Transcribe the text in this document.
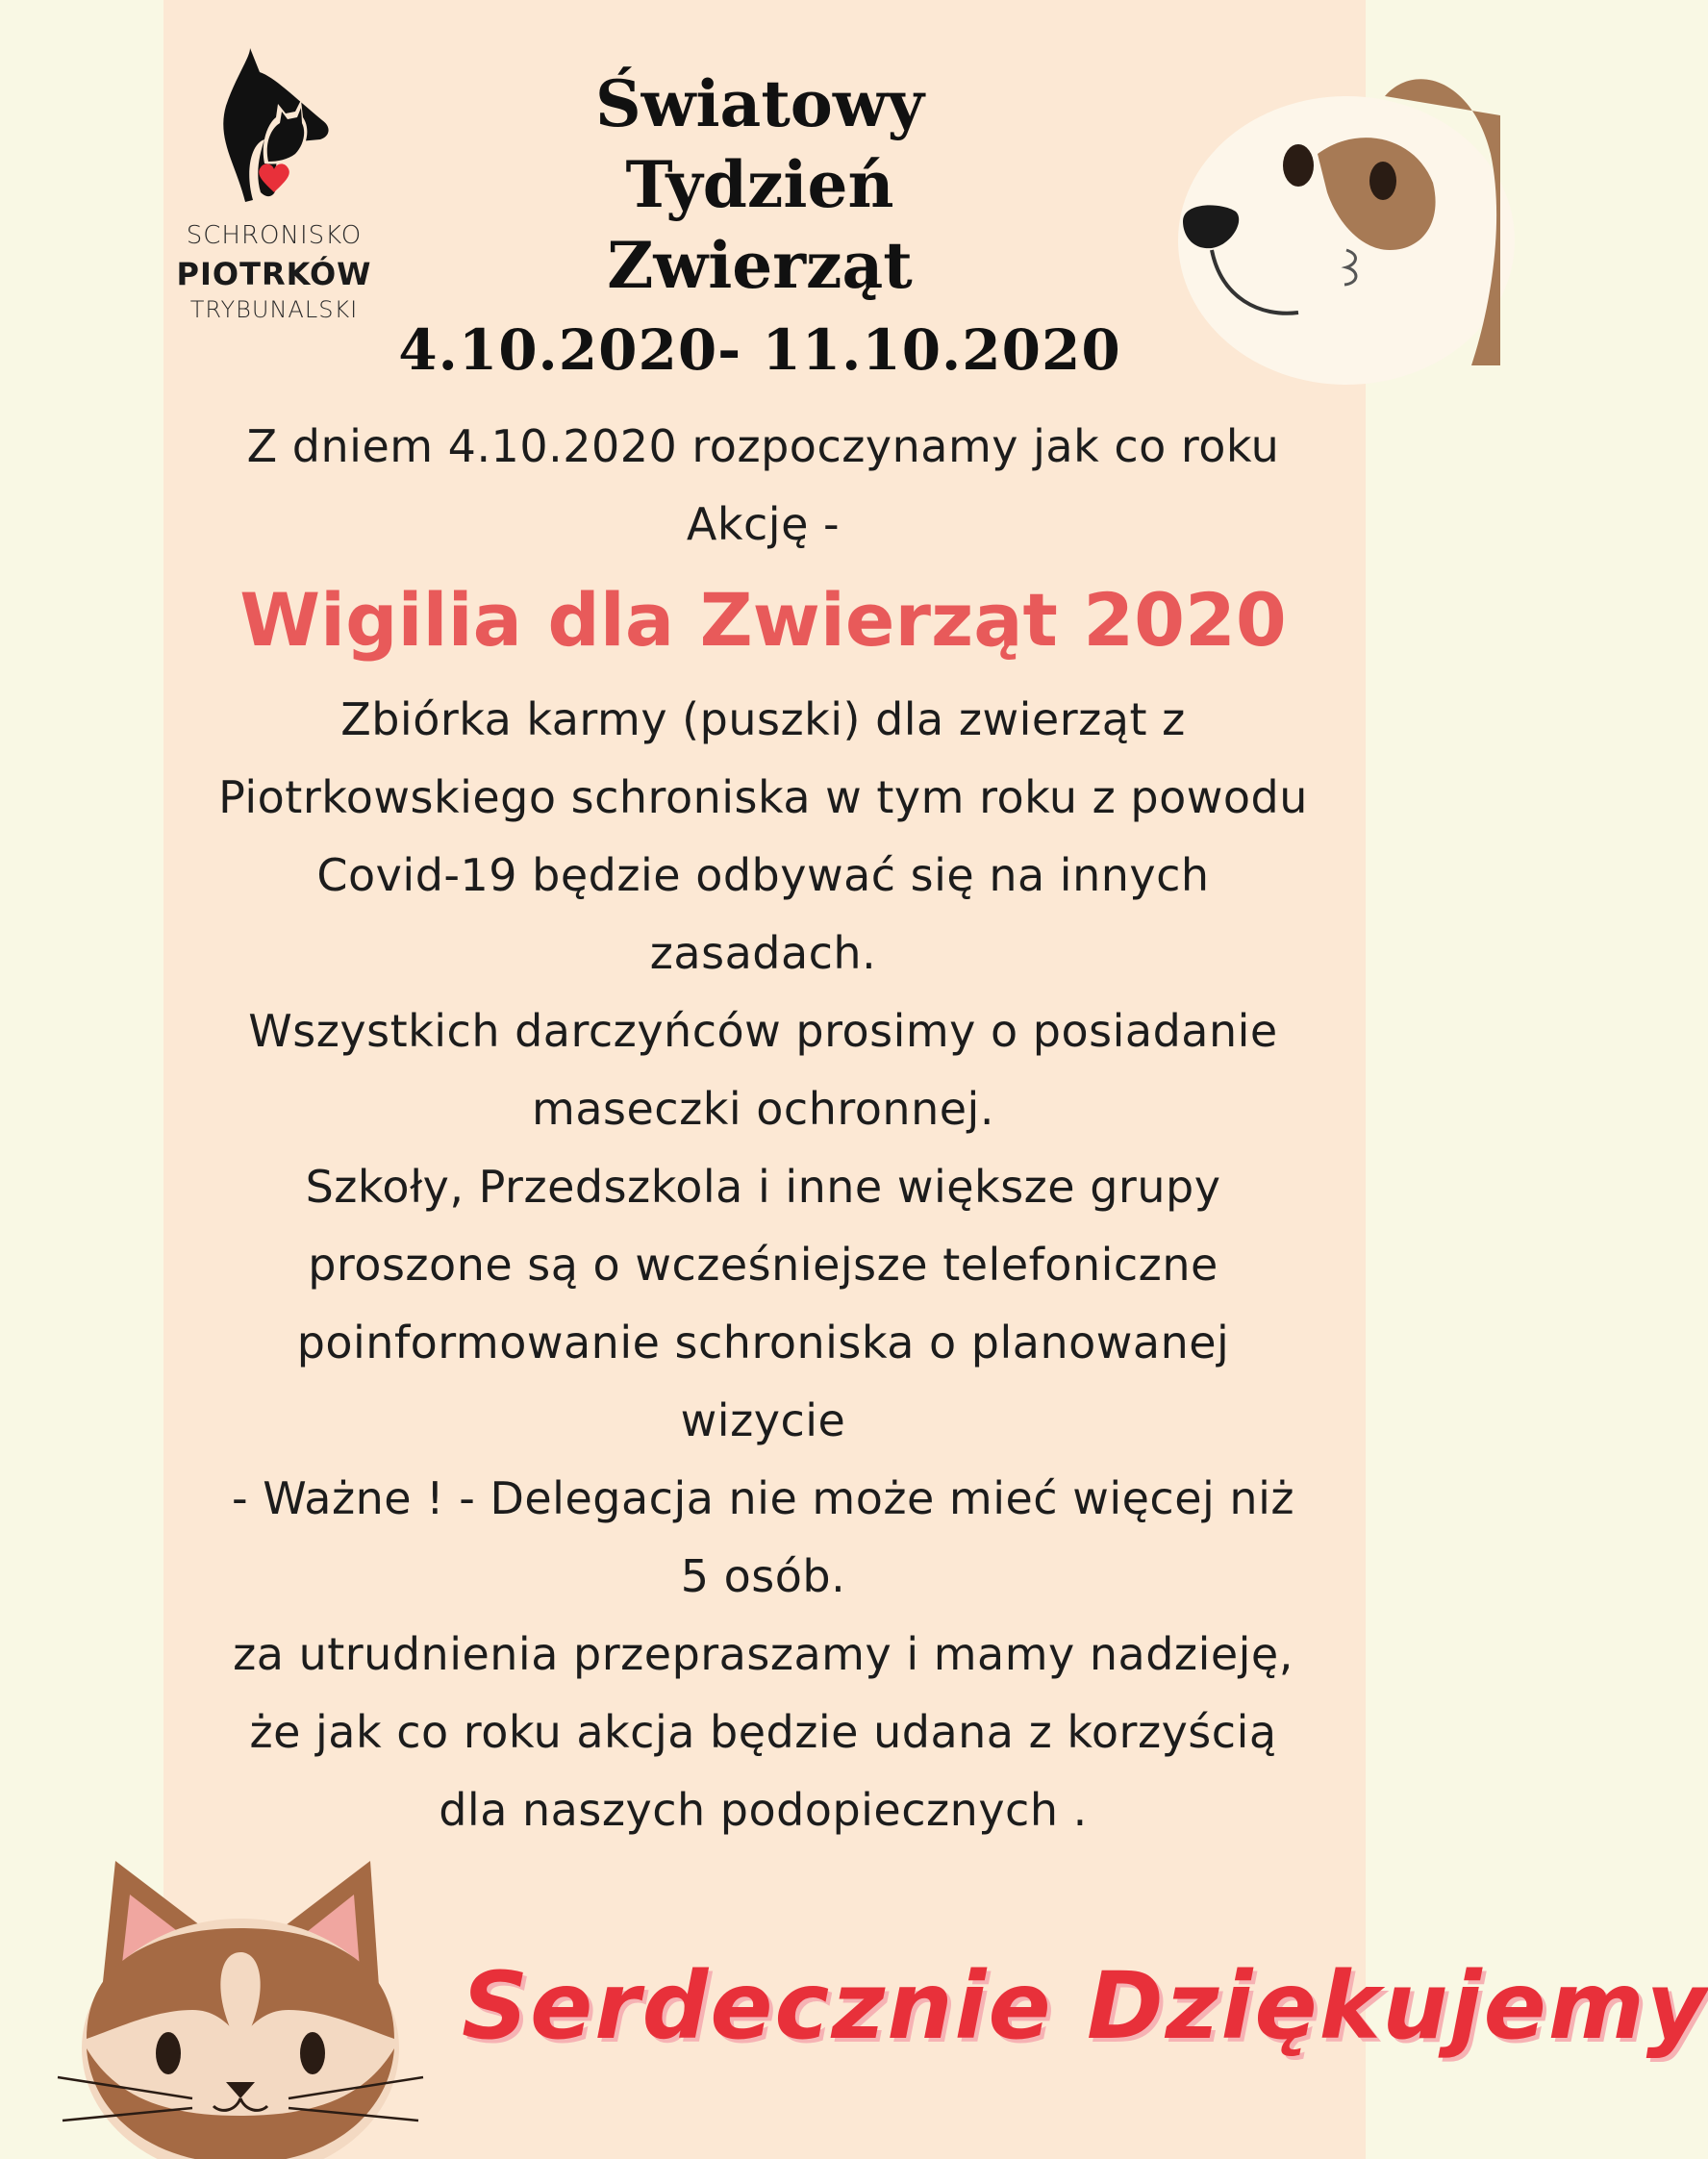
SCHRONISKO
PIOTRKÓW
TRYBUNALSKI
Światowy
Tydzień
Zwierząt
4.10.2020- 11.10.2020
Z dniem 4.10.2020 rozpoczynamy jak co roku
Akcję -
Wigilia dla Zwierząt 2020
Zbiórka karmy (puszki) dla zwierząt z
Piotrkowskiego schroniska w tym roku z powodu
Covid-19 będzie odbywać się na innych
zasadach.
Wszystkich darczyńców prosimy o posiadanie
maseczki ochronnej.
Szkoły, Przedszkola i inne większe grupy
proszone są o wcześniejsze telefoniczne
poinformowanie schroniska o planowanej
wizycie
- Ważne ! - Delegacja nie może mieć więcej niż
5 osób.
za utrudnienia przepraszamy i mamy nadzieję,
że jak co roku akcja będzie udana z korzyścią
dla naszych podopiecznych .
Serdecznie Dziękujemy
